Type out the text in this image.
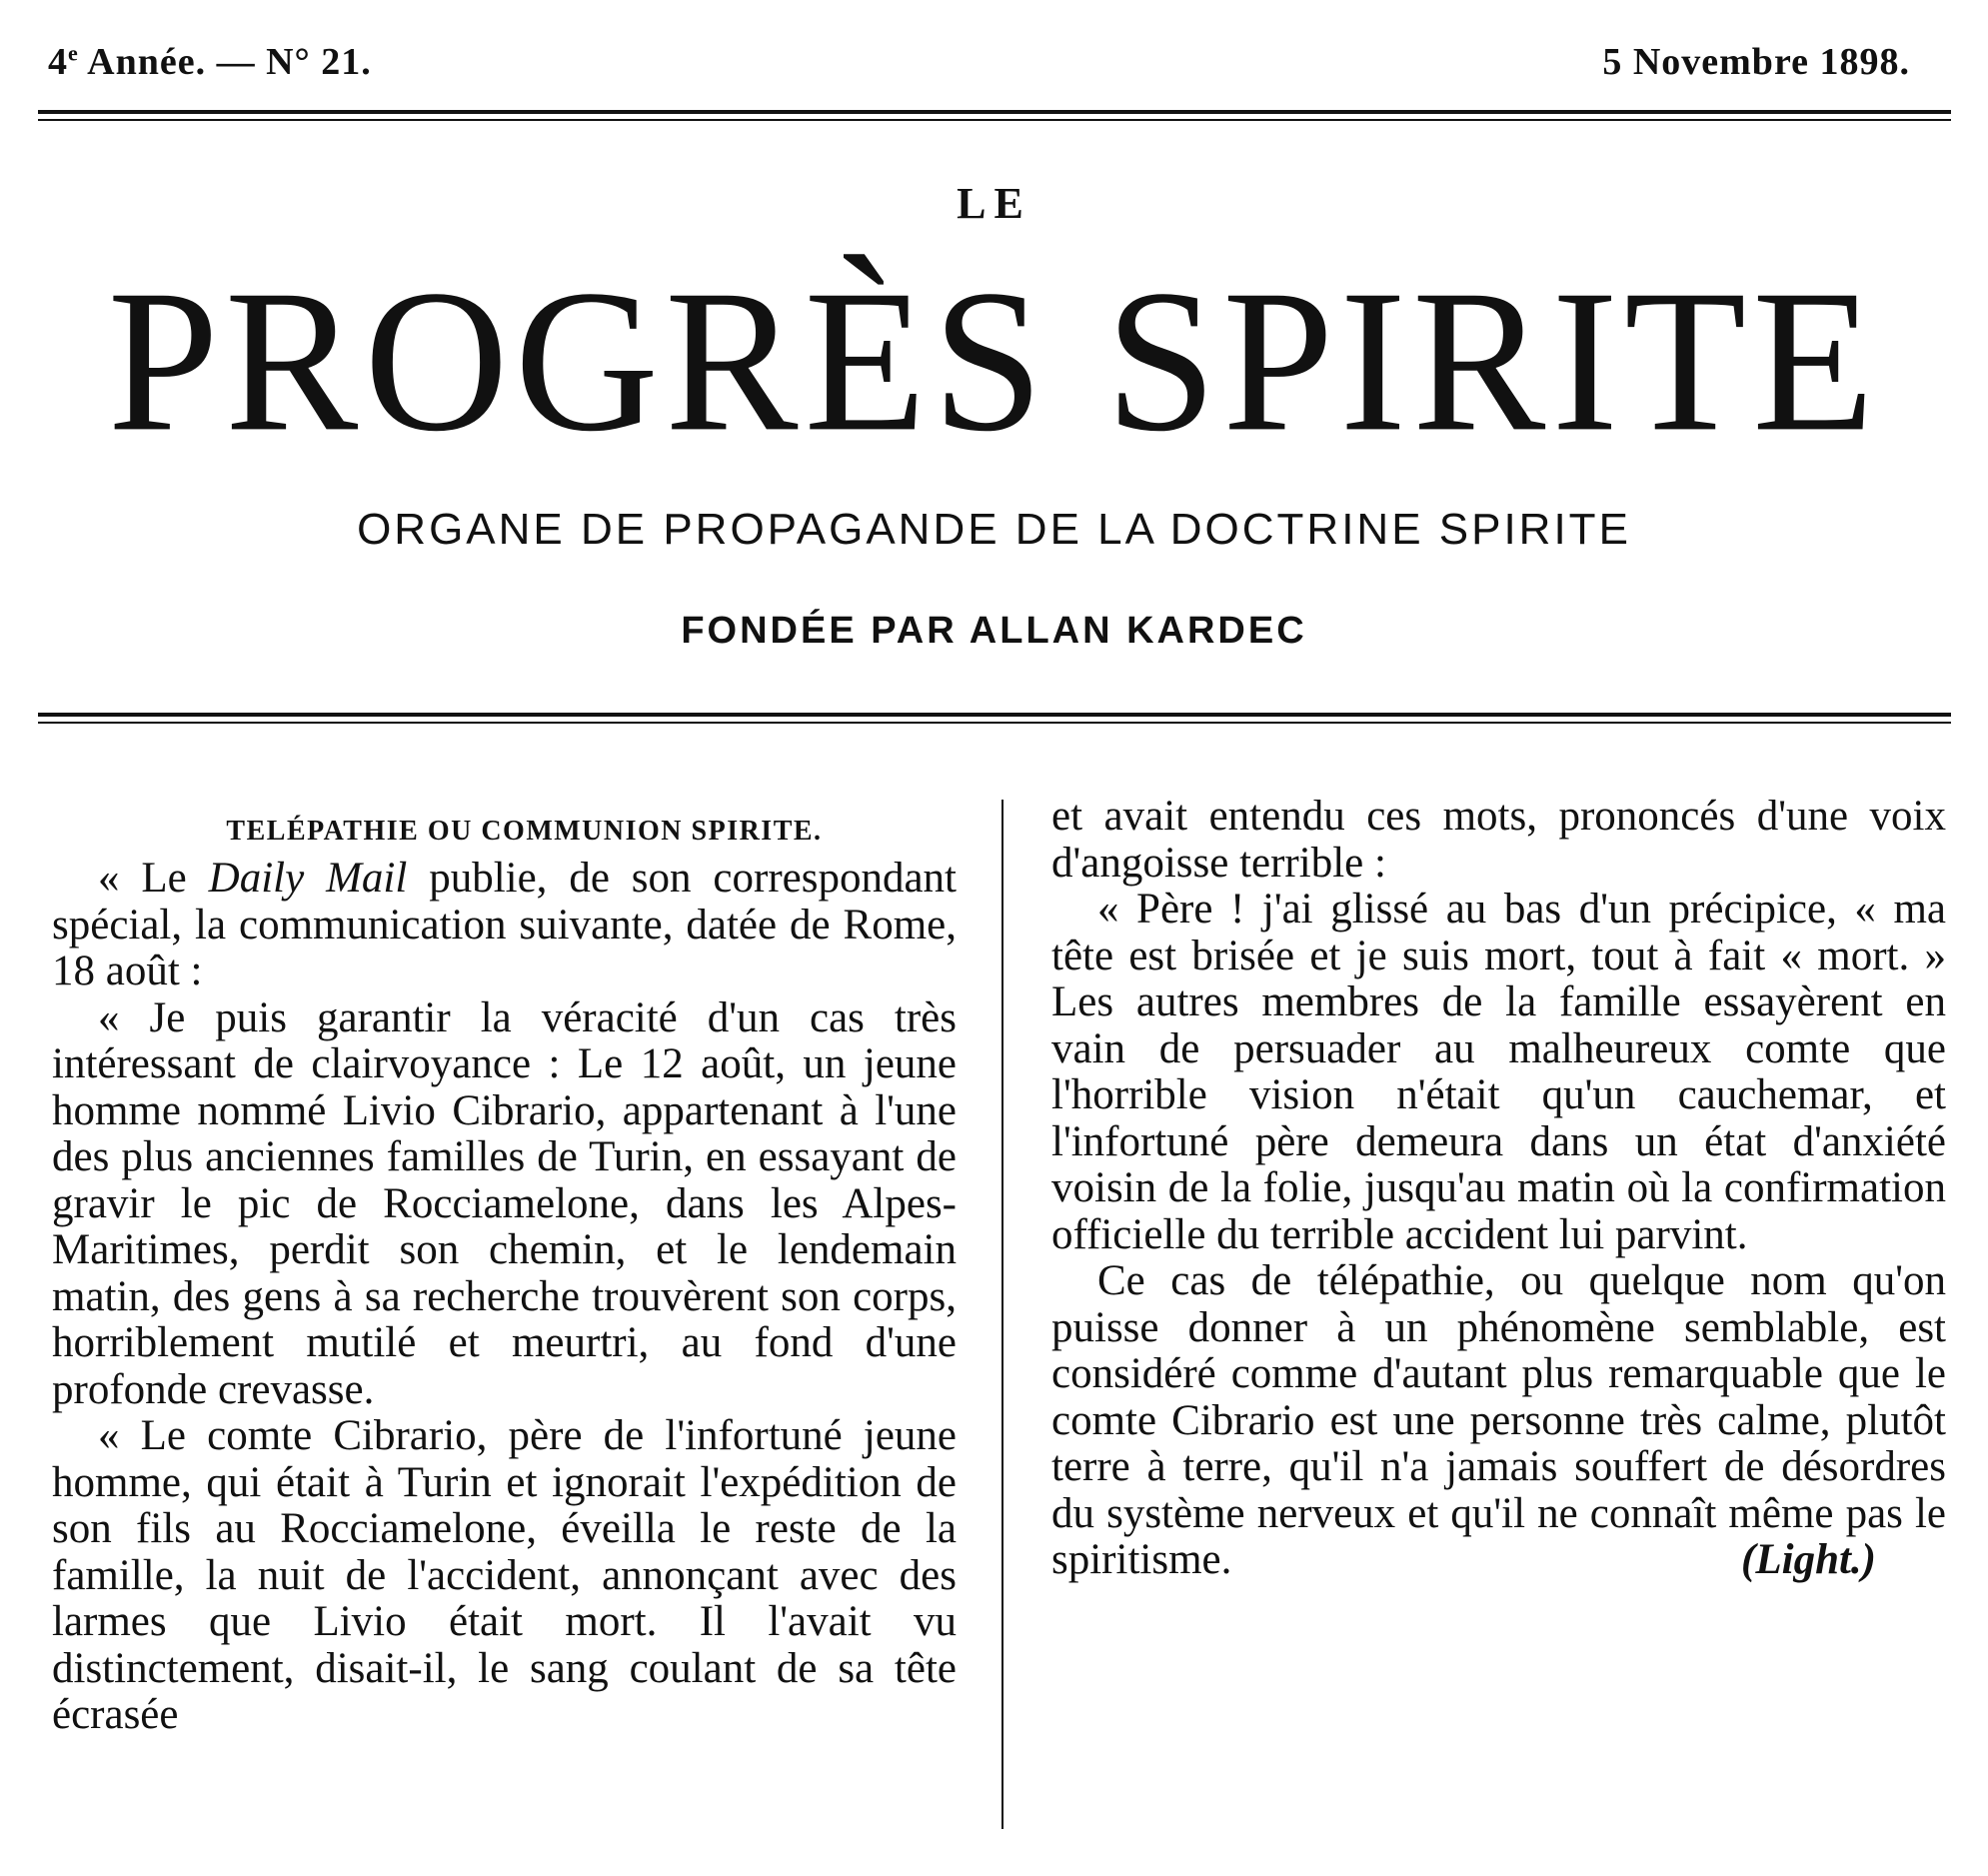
4e Année. — N° 21.	5 Novembre 1898.
LE
PROGRÈS SPIRITE
ORGANE DE PROPAGANDE DE LA DOCTRINE SPIRITE
FONDÉE PAR ALLAN KARDEC
TELÉPATHIE OU COMMUNION SPIRITE.

« Le Daily Mail publie, de son correspondant spécial, la communication suivante, datée de Rome, 18 août :

« Je puis garantir la véracité d'un cas très intéressant de clairvoyance : Le 12 août, un jeune homme nommé Livio Cibrario, appartenant à l'une des plus anciennes familles de Turin, en essayant de gravir le pic de Rocciamelone, dans les Alpes-Maritimes, perdit son chemin, et le lendemain matin, des gens à sa recherche trouvèrent son corps, horriblement mutilé et meurtri, au fond d'une profonde crevasse.

« Le comte Cibrario, père de l'infortuné jeune homme, qui était à Turin et ignorait l'expédition de son fils au Rocciamelone, éveilla le reste de la famille, la nuit de l'accident, annonçant avec des larmes que Livio était mort. Il l'avait vu distinctement, disait-il, le sang coulant de sa tête écrasée

et avait entendu ces mots, prononcés d'une voix d'angoisse terrible :

« Père ! j'ai glissé au bas d'un précipice, « ma tête est brisée et je suis mort, tout à fait « mort. » Les autres membres de la famille essayèrent en vain de persuader au malheureux comte que l'horrible vision n'était qu'un cauchemar, et l'infortuné père demeura dans un état d'anxiété voisin de la folie, jusqu'au matin où la confirmation officielle du terrible accident lui parvint.

Ce cas de télépathie, ou quelque nom qu'on puisse donner à un phénomène semblable, est considéré comme d'autant plus remarquable que le comte Cibrario est une personne très calme, plutôt terre à terre, qu'il n'a jamais souffert de désordres du système nerveux et qu'il ne connaît même pas le spiritisme.	(Light.)
